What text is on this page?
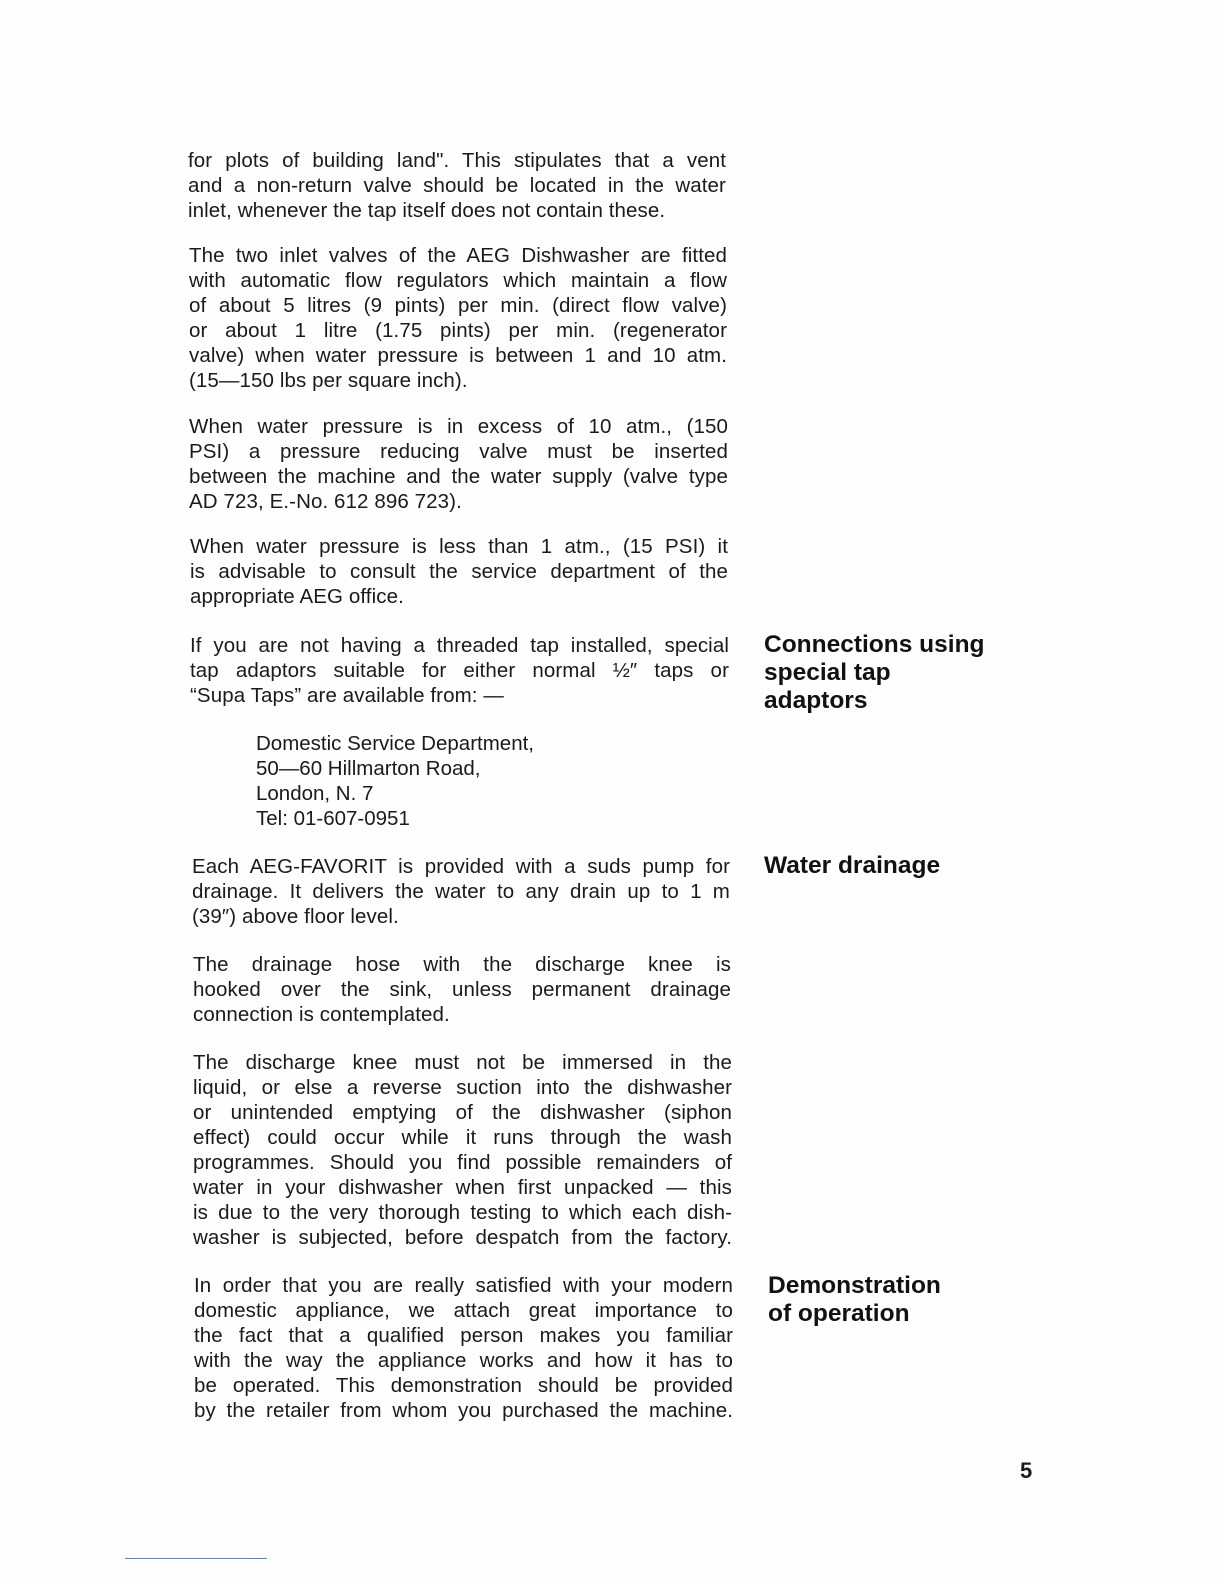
for plots of building land". This stipulates that a vent
and a non-return valve should be located in the water
inlet, whenever the tap itself does not contain these.
The two inlet valves of the AEG Dishwasher are fitted
with automatic flow regulators which maintain a flow
of about 5 litres (9 pints) per min. (direct flow valve)
or about 1 litre (1.75 pints) per min. (regenerator
valve) when water pressure is between 1 and 10 atm.
(15—150 lbs per square inch).
When water pressure is in excess of 10 atm., (150
PSI) a pressure reducing valve must be inserted
between the machine and the water supply (valve type
AD 723, E.-No. 612 896 723).
When water pressure is less than 1 atm., (15 PSI) it
is advisable to consult the service department of the
appropriate AEG office.
If you are not having a threaded tap installed, special
tap adaptors suitable for either normal ½″ taps or
“Supa Taps” are available from: —
Domestic Service Department,
50—60 Hillmarton Road,
London, N. 7
Tel: 01-607-0951
Each AEG-FAVORIT is provided with a suds pump for
drainage. It delivers the water to any drain up to 1 m
(39″) above floor level.
The drainage hose with the discharge knee is
hooked over the sink, unless permanent drainage
connection is contemplated.
The discharge knee must not be immersed in the
liquid, or else a reverse suction into the dishwasher
or unintended emptying of the dishwasher (siphon
effect) could occur while it runs through the wash
programmes. Should you find possible remainders of
water in your dishwasher when first unpacked — this
is due to the very thorough testing to which each dish-
washer is subjected, before despatch from the factory.
In order that you are really satisfied with your modern
domestic appliance, we attach great importance to
the fact that a qualified person makes you familiar
with the way the appliance works and how it has to
be operated. This demonstration should be provided
by the retailer from whom you purchased the machine.
Connections using
special tap
adaptors
Water drainage
Demonstration
of operation
5
